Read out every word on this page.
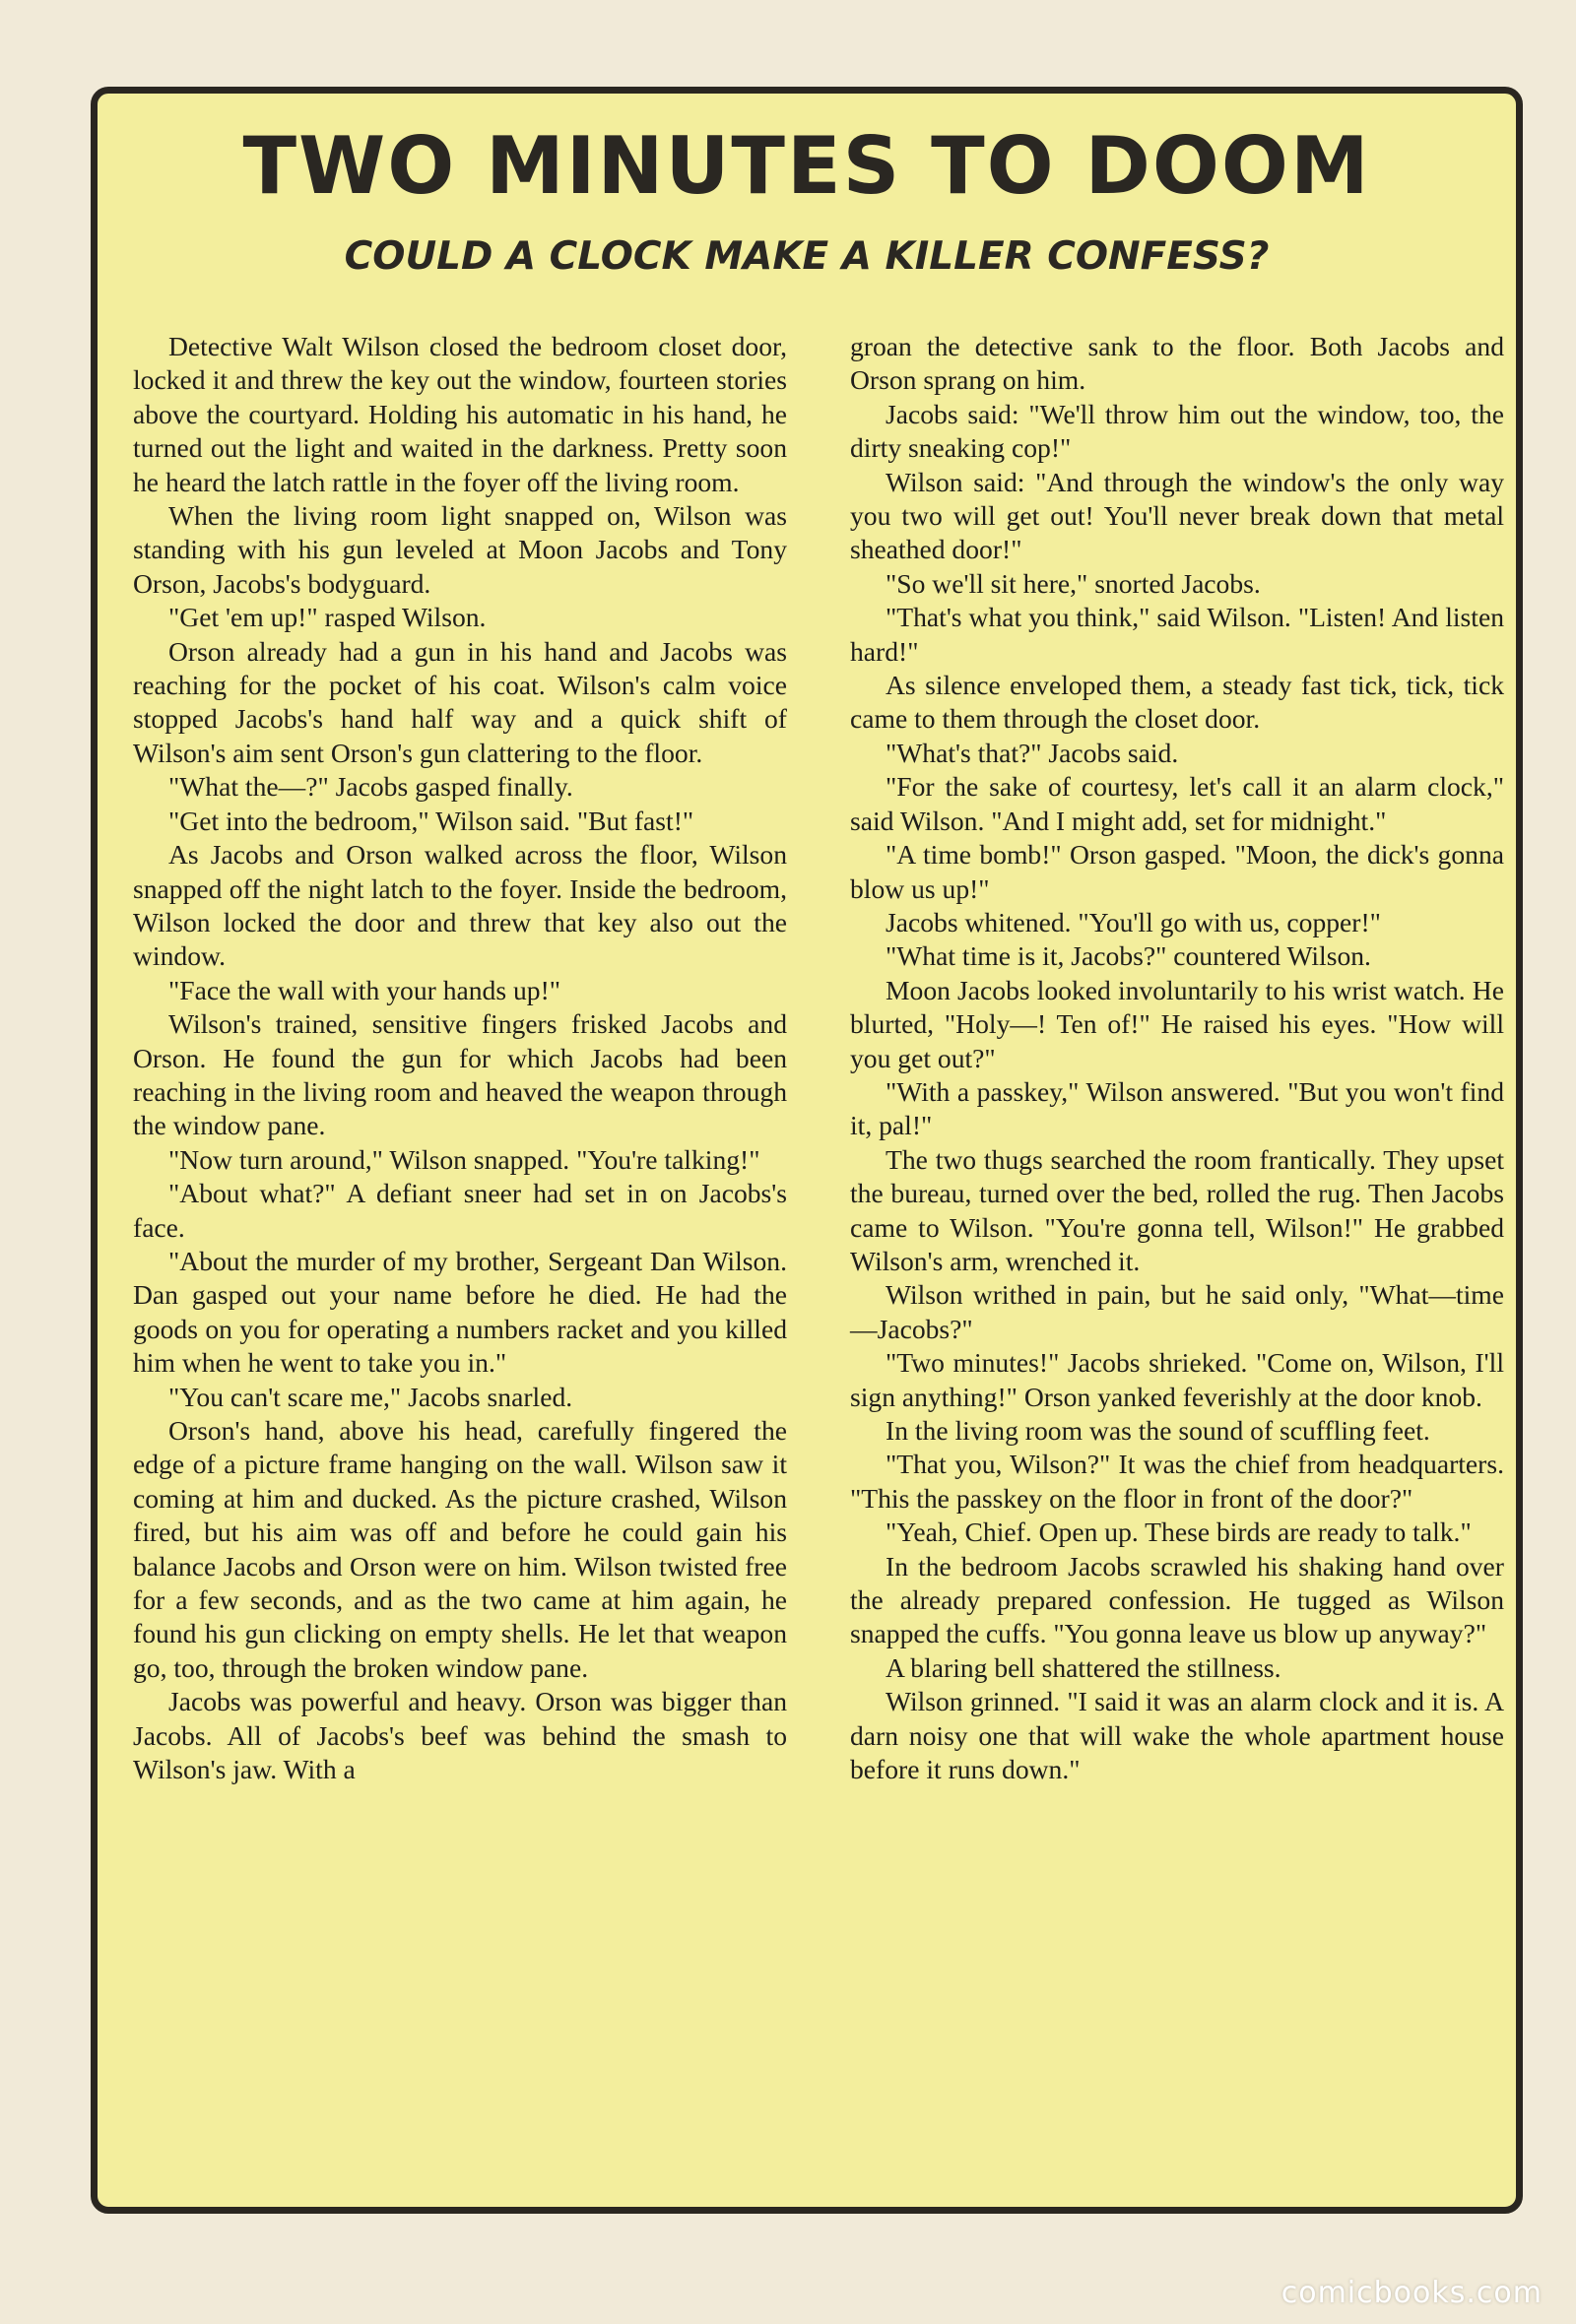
TWO MINUTES TO DOOM
COULD A CLOCK MAKE A KILLER CONFESS?

Detective Walt Wilson closed the bedroom closet door, locked it and threw the key out the window, fourteen stories above the courtyard. Holding his automatic in his hand, he turned out the light and waited in the darkness. Pretty soon he heard the latch rattle in the foyer off the living room.

When the living room light snapped on, Wilson was standing with his gun leveled at Moon Jacobs and Tony Orson, Jacobs's bodyguard.

"Get 'em up!" rasped Wilson.

Orson already had a gun in his hand and Jacobs was reaching for the pocket of his coat. Wilson's calm voice stopped Jacobs's hand half way and a quick shift of Wilson's aim sent Orson's gun clattering to the floor.

"What the—?" Jacobs gasped finally.

"Get into the bedroom," Wilson said. "But fast!"

As Jacobs and Orson walked across the floor, Wilson snapped off the night latch to the foyer. Inside the bedroom, Wilson locked the door and threw that key also out the window.

"Face the wall with your hands up!"

Wilson's trained, sensitive fingers frisked Jacobs and Orson. He found the gun for which Jacobs had been reaching in the living room and heaved the weapon through the window pane.

"Now turn around," Wilson snapped. "You're talking!"

"About what?" A defiant sneer had set in on Jacobs's face.

"About the murder of my brother, Sergeant Dan Wilson. Dan gasped out your name before he died. He had the goods on you for operating a numbers racket and you killed him when he went to take you in."

"You can't scare me," Jacobs snarled.

Orson's hand, above his head, carefully fingered the edge of a picture frame hanging on the wall. Wilson saw it coming at him and ducked. As the picture crashed, Wilson fired, but his aim was off and before he could gain his balance Jacobs and Orson were on him. Wilson twisted free for a few seconds, and as the two came at him again, he found his gun clicking on empty shells. He let that weapon go, too, through the broken window pane.

Jacobs was powerful and heavy. Orson was bigger than Jacobs. All of Jacobs's beef was behind the smash to Wilson's jaw. With a

groan the detective sank to the floor. Both Jacobs and Orson sprang on him.

Jacobs said: "We'll throw him out the window, too, the dirty sneaking cop!"

Wilson said: "And through the window's the only way you two will get out! You'll never break down that metal sheathed door!"

"So we'll sit here," snorted Jacobs.

"That's what you think," said Wilson. "Listen! And listen hard!"

As silence enveloped them, a steady fast tick, tick, tick came to them through the closet door.

"What's that?" Jacobs said.

"For the sake of courtesy, let's call it an alarm clock," said Wilson. "And I might add, set for midnight."

"A time bomb!" Orson gasped. "Moon, the dick's gonna blow us up!"

Jacobs whitened. "You'll go with us, copper!"

"What time is it, Jacobs?" countered Wilson.

Moon Jacobs looked involuntarily to his wrist watch. He blurted, "Holy—! Ten of!" He raised his eyes. "How will you get out?"

"With a passkey," Wilson answered. "But you won't find it, pal!"

The two thugs searched the room frantically. They upset the bureau, turned over the bed, rolled the rug. Then Jacobs came to Wilson. "You're gonna tell, Wilson!" He grabbed Wilson's arm, wrenched it.

Wilson writhed in pain, but he said only, "What—time—Jacobs?"

"Two minutes!" Jacobs shrieked. "Come on, Wilson, I'll sign anything!" Orson yanked feverishly at the door knob.

In the living room was the sound of scuffling feet.

"That you, Wilson?" It was the chief from headquarters. "This the passkey on the floor in front of the door?"

"Yeah, Chief. Open up. These birds are ready to talk."

In the bedroom Jacobs scrawled his shaking hand over the already prepared confession. He tugged as Wilson snapped the cuffs. "You gonna leave us blow up anyway?"

A blaring bell shattered the stillness.

Wilson grinned. "I said it was an alarm clock and it is. A darn noisy one that will wake the whole apartment house before it runs down."

comicbooks.com
